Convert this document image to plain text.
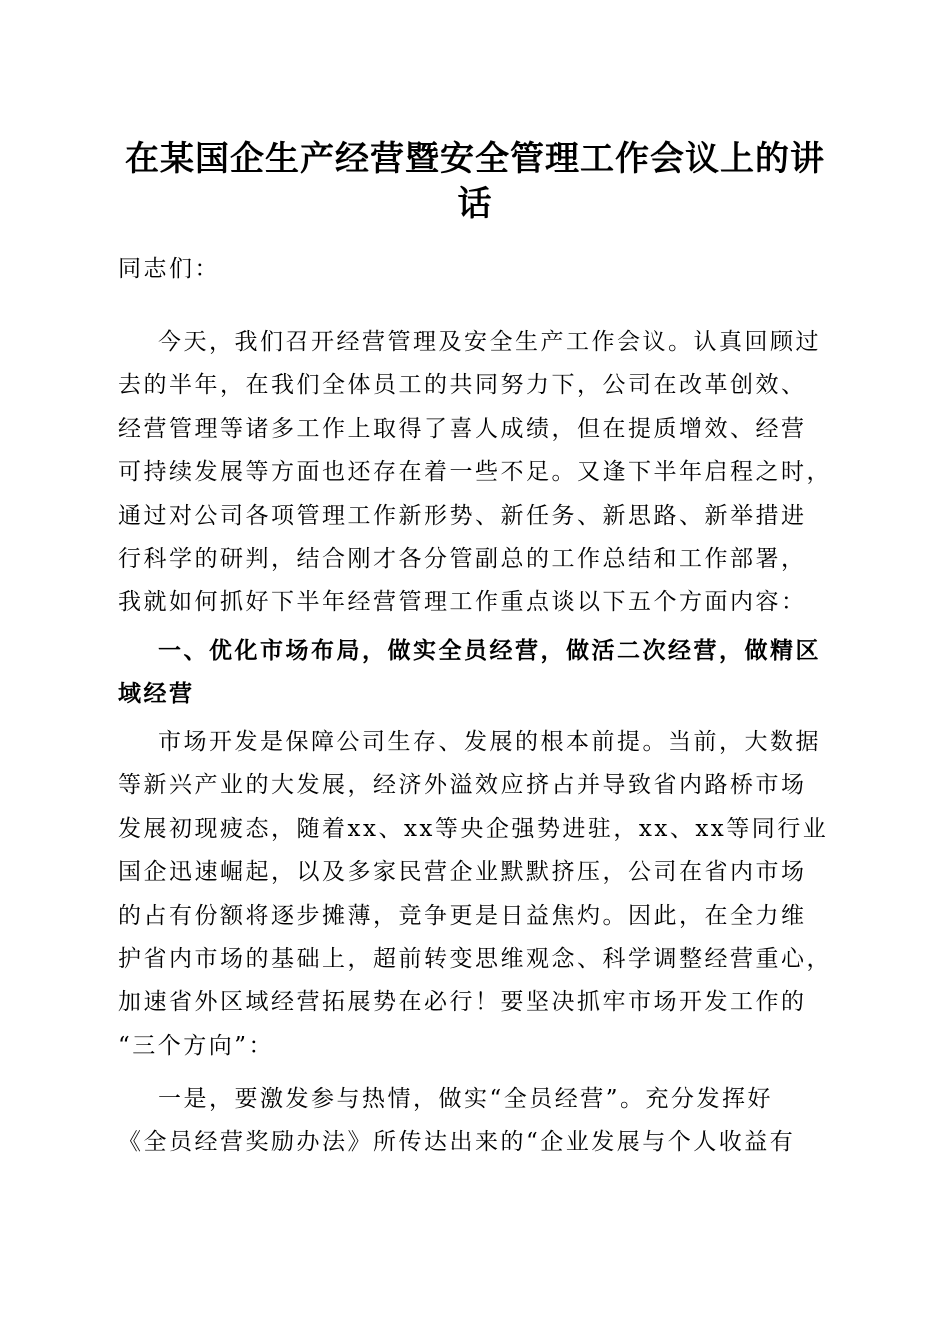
在某国企生产经营暨安全管理工作会议上的讲
话
同志们：
今天，我们召开经营管理及安全生产工作会议。认真回顾过
去的半年，在我们全体员工的共同努力下，公司在改革创效、
经营管理等诸多工作上取得了喜人成绩，但在提质增效、经营
可持续发展等方面也还存在着一些不足。又逢下半年启程之时，
通过对公司各项管理工作新形势、新任务、新思路、新举措进
行科学的研判，结合刚才各分管副总的工作总结和工作部署，
我就如何抓好下半年经营管理工作重点谈以下五个方面内容：
一、优化市场布局，做实全员经营，做活二次经营，做精区
域经营
市场开发是保障公司生存、发展的根本前提。当前，大数据
等新兴产业的大发展，经济外溢效应挤占并导致省内路桥市场
发展初现疲态，随着xx、xx等央企强势进驻，xx、xx等同行业
国企迅速崛起，以及多家民营企业默默挤压，公司在省内市场
的占有份额将逐步摊薄，竞争更是日益焦灼。因此，在全力维
护省内市场的基础上，超前转变思维观念、科学调整经营重心，
加速省外区域经营拓展势在必行！要坚决抓牢市场开发工作的
“三个方向”：
一是，要激发参与热情，做实“全员经营”。充分发挥好
《全员经营奖励办法》所传达出来的“企业发展与个人收益有
